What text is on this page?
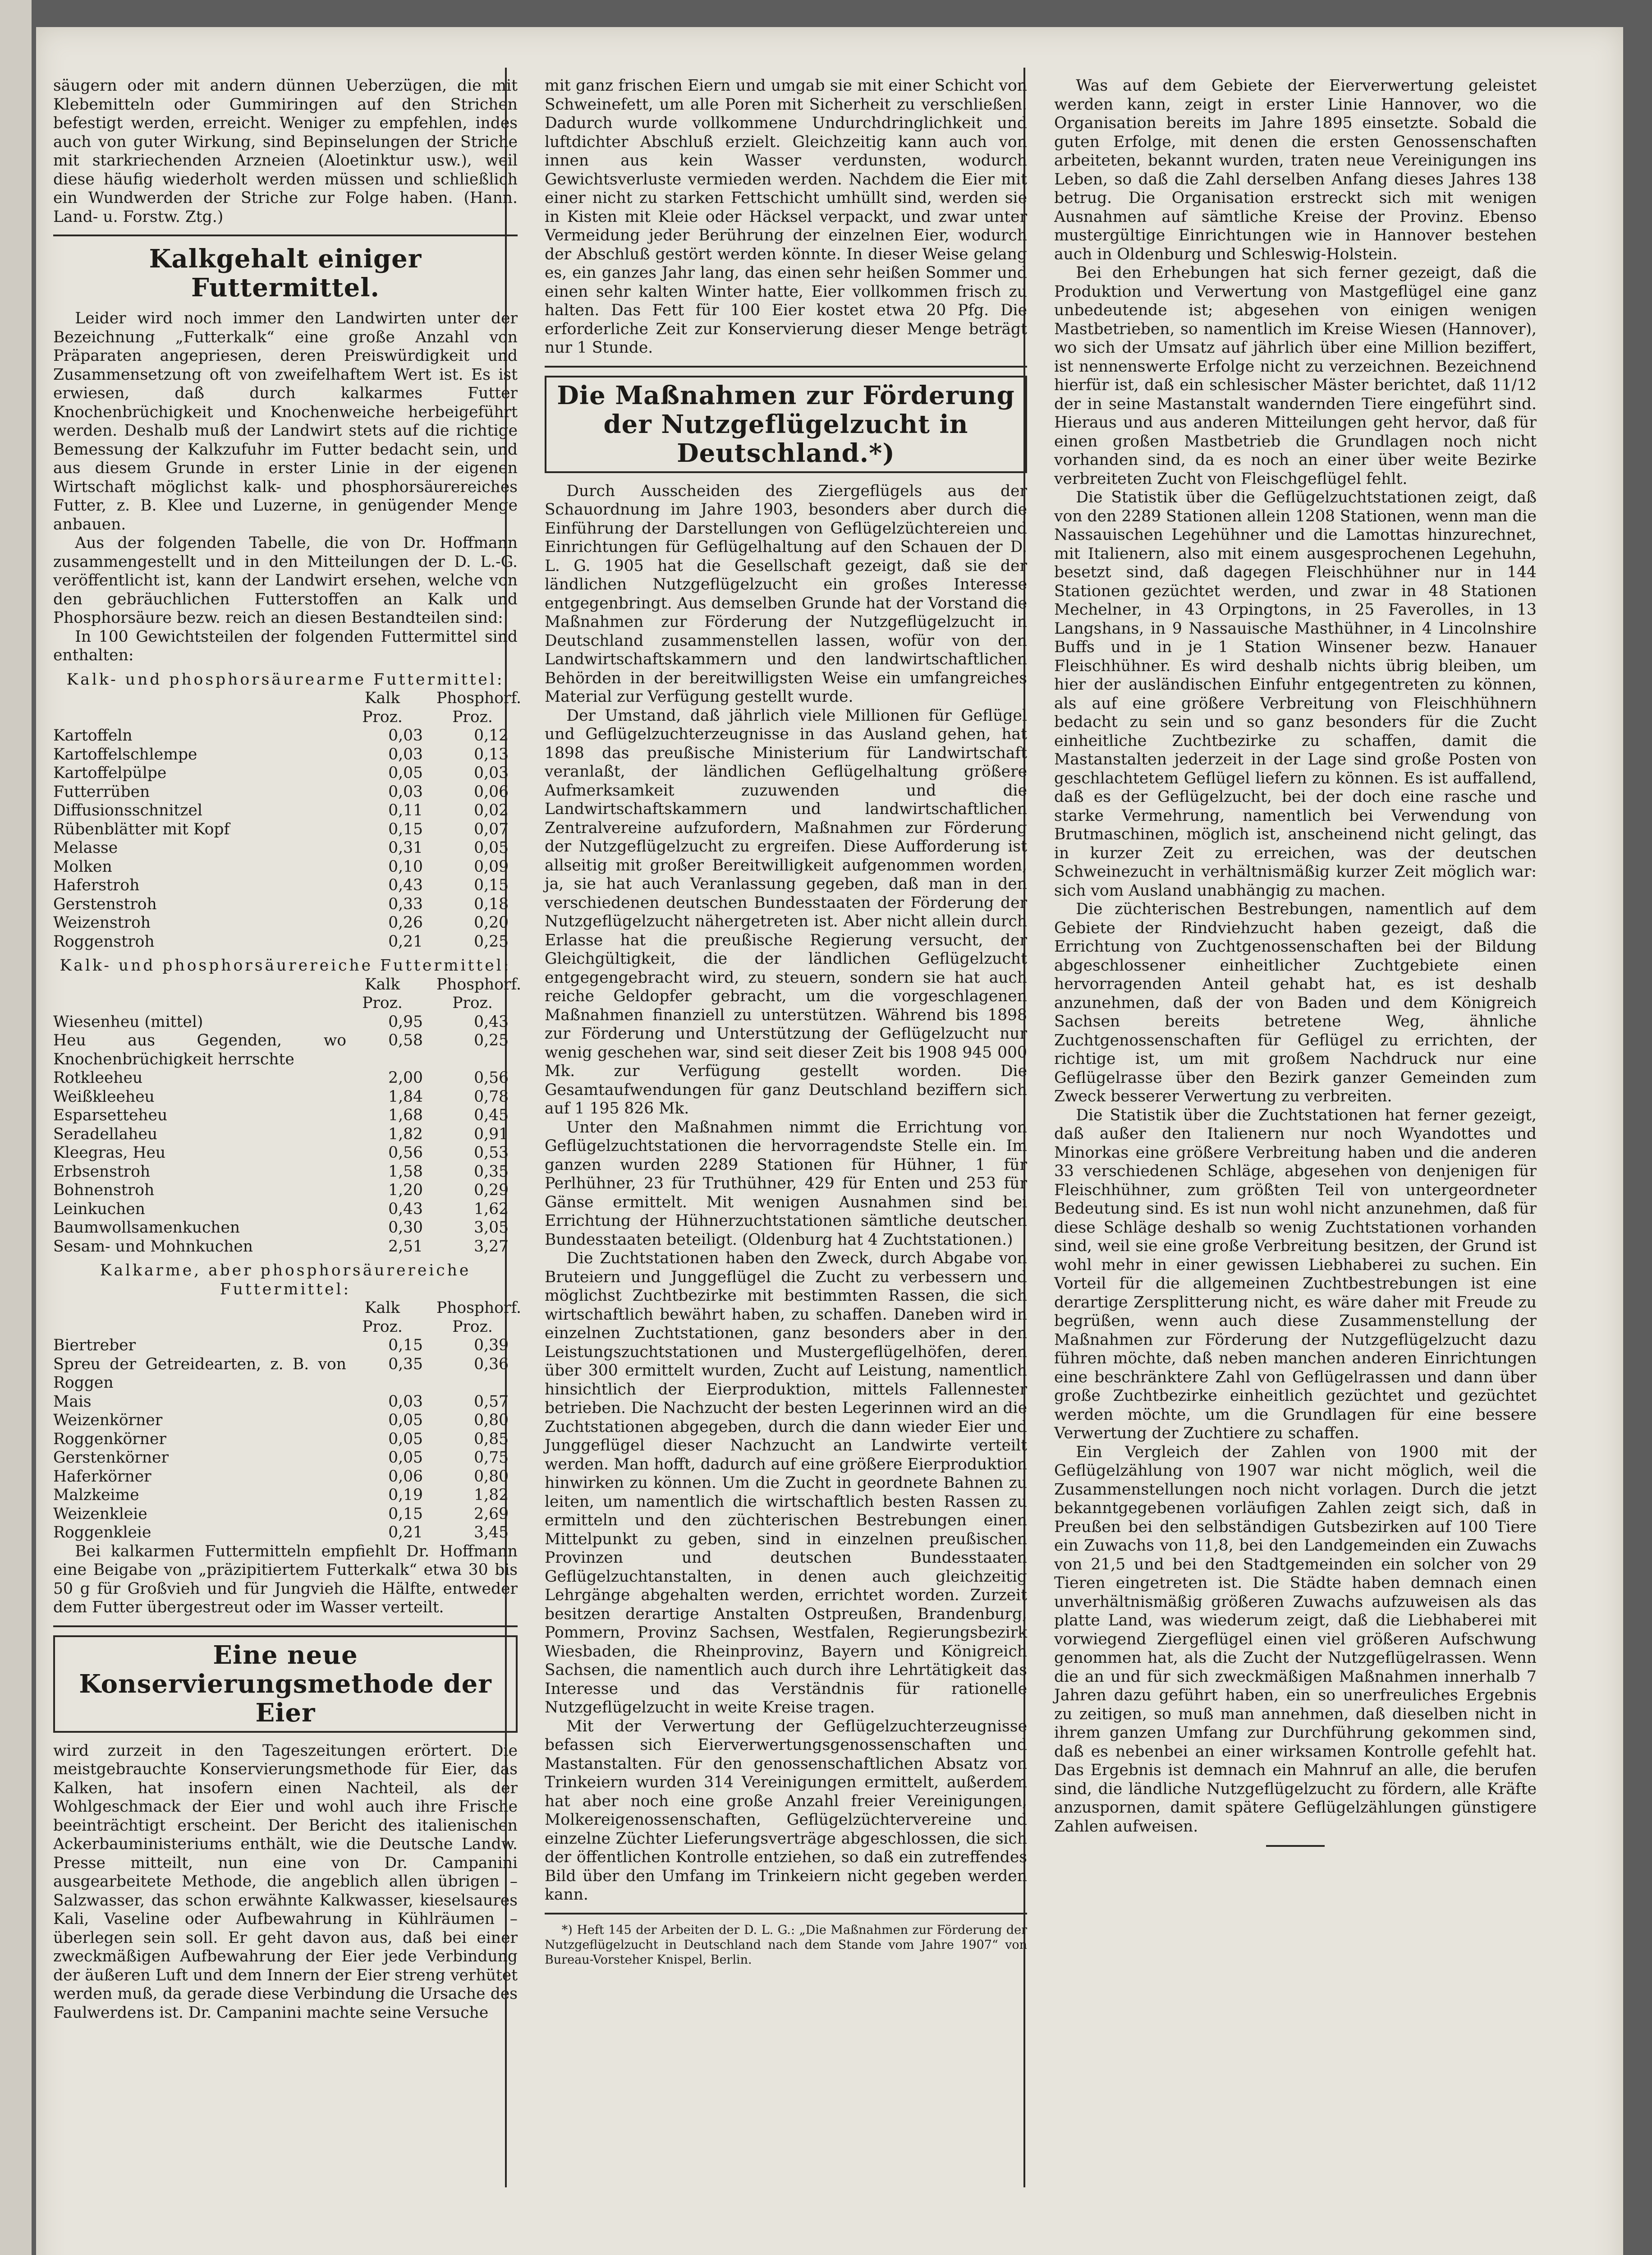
säugern oder mit andern dünnen Ueberzügen, die mit Klebemitteln oder Gummiringen auf den Strichen befestigt werden, erreicht. Weniger zu empfehlen, indes auch von guter Wirkung, sind Bepinselungen der Striche mit starkriechenden Arzneien (Aloetinktur usw.), weil diese häufig wiederholt werden müssen und schließlich ein Wundwerden der Striche zur Folge haben. (Hann. Land- u. Forstw. Ztg.)

Kalkgehalt einiger Futtermittel.

Leider wird noch immer den Landwirten unter der Bezeichnung „Futterkalk“ eine große Anzahl von Präparaten angepriesen, deren Preiswürdigkeit und Zusammensetzung oft von zweifelhaftem Wert ist. Es ist erwiesen, daß durch kalkarmes Futter Knochenbrüchigkeit und Knochenweiche herbeigeführt werden. Deshalb muß der Landwirt stets auf die richtige Bemessung der Kalkzufuhr im Futter bedacht sein, und aus diesem Grunde in erster Linie in der eigenen Wirtschaft möglichst kalk- und phosphorsäurereiches Futter, z. B. Klee und Luzerne, in genügender Menge anbauen.

Aus der folgenden Tabelle, die von Dr. Hoffmann zusammengestellt und in den Mitteilungen der D. L.-G. veröffentlicht ist, kann der Landwirt ersehen, welche von den gebräuchlichen Futterstoffen an Kalk und Phosphorsäure bezw. reich an diesen Bestandteilen sind:

In 100 Gewichtsteilen der folgenden Futtermittel sind enthalten:

Kalk- und phosphorsäurearme Futtermittel:
Kalk
Proz.
Phosphorf.
Proz.
Kartoffeln	0,03	0,12
Kartoffelschlempe	0,03	0,13
Kartoffelpülpe	0,05	0,03
Futterrüben	0,03	0,06
Diffusionsschnitzel	0,11	0,02
Rübenblätter mit Kopf	0,15	0,07
Melasse	0,31	0,05
Molken	0,10	0,09
Haferstroh	0,43	0,15
Gerstenstroh	0,33	0,18
Weizenstroh	0,26	0,20
Roggenstroh	0,21	0,25
Kalk- und phosphorsäurereiche Futtermittel:
Kalk
Proz.
Phosphorf.
Proz.
Wiesenheu (mittel)	0,95	0,43
Heu aus Gegenden, wo Knochenbrüchigkeit herrschte
0,58	0,25
Rotkleeheu	2,00	0,56
Weißkleeheu	1,84	0,78
Esparsetteheu	1,68	0,45
Seradellaheu	1,82	0,91
Kleegras, Heu	0,56	0,53
Erbsenstroh	1,58	0,35
Bohnenstroh	1,20	0,29
Leinkuchen	0,43	1,62
Baumwollsamenkuchen	0,30	3,05
Sesam- und Mohnkuchen	2,51	3,27
Kalkarme, aber phosphorsäurereiche Futtermittel:
Kalk
Proz.
Phosphorf.
Proz.
Biertreber	0,15	0,39
Spreu der Getreidearten, z. B. von Roggen
0,35	0,36
Mais	0,03	0,57
Weizenkörner	0,05	0,80
Roggenkörner	0,05	0,85
Gerstenkörner	0,05	0,75
Haferkörner	0,06	0,80
Malzkeime	0,19	1,82
Weizenkleie	0,15	2,69
Roggenkleie	0,21	3,45

Bei kalkarmen Futtermitteln empfiehlt Dr. Hoffmann eine Beigabe von „präzipitiertem Futterkalk“ etwa 30 bis 50 g für Großvieh und für Jungvieh die Hälfte, entweder dem Futter übergestreut oder im Wasser verteilt.

Eine neue Konservierungsmethode der Eier

wird zurzeit in den Tageszeitungen erörtert. Die meistgebrauchte Konservierungsmethode für Eier, das Kalken, hat insofern einen Nachteil, als der Wohlgeschmack der Eier und wohl auch ihre Frische beeinträchtigt erscheint. Der Bericht des italienischen Ackerbauministeriums enthält, wie die Deutsche Landw. Presse mitteilt, nun eine von Dr. Campanini ausgearbeitete Methode, die angeblich allen übrigen – Salzwasser, das schon erwähnte Kalkwasser, kieselsaures Kali, Vaseline oder Aufbewahrung in Kühlräumen – überlegen sein soll. Er geht davon aus, daß bei einer zweckmäßigen Aufbewahrung der Eier jede Verbindung der äußeren Luft und dem Innern der Eier streng verhütet werden muß, da gerade diese Verbindung die Ursache des Faulwerdens ist. Dr. Campanini machte seine Versuche

mit ganz frischen Eiern und umgab sie mit einer Schicht von Schweinefett, um alle Poren mit Sicherheit zu verschließen. Dadurch wurde vollkommene Undurchdringlichkeit und luftdichter Abschluß erzielt. Gleichzeitig kann auch von innen aus kein Wasser verdunsten, wodurch Gewichtsverluste vermieden werden. Nachdem die Eier mit einer nicht zu starken Fettschicht umhüllt sind, werden sie in Kisten mit Kleie oder Häcksel verpackt, und zwar unter Vermeidung jeder Berührung der einzelnen Eier, wodurch der Abschluß gestört werden könnte. In dieser Weise gelang es, ein ganzes Jahr lang, das einen sehr heißen Sommer und einen sehr kalten Winter hatte, Eier vollkommen frisch zu halten. Das Fett für 100 Eier kostet etwa 20 Pfg. Die erforderliche Zeit zur Konservierung dieser Menge beträgt nur 1 Stunde.

Die Maßnahmen zur Förderung der Nutzgeflügelzucht in Deutschland.*)

Durch Ausscheiden des Ziergeflügels aus der Schauordnung im Jahre 1903, besonders aber durch die Einführung der Darstellungen von Geflügelzüchtereien und Einrichtungen für Geflügelhaltung auf den Schauen der D. L. G. 1905 hat die Gesellschaft gezeigt, daß sie der ländlichen Nutzgeflügelzucht ein großes Interesse entgegenbringt. Aus demselben Grunde hat der Vorstand die Maßnahmen zur Förderung der Nutzgeflügelzucht in Deutschland zusammenstellen lassen, wofür von den Landwirtschaftskammern und den landwirtschaftlichen Behörden in der bereitwilligsten Weise ein umfangreiches Material zur Verfügung gestellt wurde.

Der Umstand, daß jährlich viele Millionen für Geflügel und Geflügelzuchterzeugnisse in das Ausland gehen, hat 1898 das preußische Ministerium für Landwirtschaft veranlaßt, der ländlichen Geflügelhaltung größere Aufmerksamkeit zuzuwenden und die Landwirtschaftskammern und landwirtschaftlichen Zentralvereine aufzufordern, Maßnahmen zur Förderung der Nutzgeflügelzucht zu ergreifen. Diese Aufforderung ist allseitig mit großer Bereitwilligkeit aufgenommen worden, ja, sie hat auch Veranlassung gegeben, daß man in den verschiedenen deutschen Bundesstaaten der Förderung der Nutzgeflügelzucht nähergetreten ist. Aber nicht allein durch Erlasse hat die preußische Regierung versucht, der Gleichgültigkeit, die der ländlichen Geflügelzucht entgegengebracht wird, zu steuern, sondern sie hat auch reiche Geldopfer gebracht, um die vorgeschlagenen Maßnahmen finanziell zu unterstützen. Während bis 1898 zur Förderung und Unterstützung der Geflügelzucht nur wenig geschehen war, sind seit dieser Zeit bis 1908 945 000 Mk. zur Verfügung gestellt worden. Die Gesamtaufwendungen für ganz Deutschland beziffern sich auf 1 195 826 Mk.

Unter den Maßnahmen nimmt die Errichtung von Geflügelzuchtstationen die hervorragendste Stelle ein. Im ganzen wurden 2289 Stationen für Hühner, 1 für Perlhühner, 23 für Truthühner, 429 für Enten und 253 für Gänse ermittelt. Mit wenigen Ausnahmen sind bei Errichtung der Hühnerzuchtstationen sämtliche deutschen Bundesstaaten beteiligt. (Oldenburg hat 4 Zuchtstationen.)

Die Zuchtstationen haben den Zweck, durch Abgabe von Bruteiern und Junggeflügel die Zucht zu verbessern und möglichst Zuchtbezirke mit bestimmten Rassen, die sich wirtschaftlich bewährt haben, zu schaffen. Daneben wird in einzelnen Zuchtstationen, ganz besonders aber in den Leistungszuchtstationen und Mustergeflügelhöfen, deren über 300 ermittelt wurden, Zucht auf Leistung, namentlich hinsichtlich der Eierproduktion, mittels Fallennester betrieben. Die Nachzucht der besten Legerinnen wird an die Zuchtstationen abgegeben, durch die dann wieder Eier und Junggeflügel dieser Nachzucht an Landwirte verteilt werden. Man hofft, dadurch auf eine größere Eierproduktion hinwirken zu können. Um die Zucht in geordnete Bahnen zu leiten, um namentlich die wirtschaftlich besten Rassen zu ermitteln und den züchterischen Bestrebungen einen Mittelpunkt zu geben, sind in einzelnen preußischen Provinzen und deutschen Bundesstaaten Geflügelzuchtanstalten, in denen auch gleichzeitig Lehrgänge abgehalten werden, errichtet worden. Zurzeit besitzen derartige Anstalten Ostpreußen, Brandenburg, Pommern, Provinz Sachsen, Westfalen, Regierungsbezirk Wiesbaden, die Rheinprovinz, Bayern und Königreich Sachsen, die namentlich auch durch ihre Lehrtätigkeit das Interesse und das Verständnis für rationelle Nutzgeflügelzucht in weite Kreise tragen.

Mit der Verwertung der Geflügelzuchterzeugnisse befassen sich Eierverwertungsgenossenschaften und Mastanstalten. Für den genossenschaftlichen Absatz von Trinkeiern wurden 314 Vereinigungen ermittelt, außerdem hat aber noch eine große Anzahl freier Vereinigungen, Molkereigenossenschaften, Geflügelzüchtervereine und einzelne Züchter Lieferungsverträge abgeschlossen, die sich der öffentlichen Kontrolle entziehen, so daß ein zutreffendes Bild über den Umfang im Trinkeiern nicht gegeben werden kann.

*) Heft 145 der Arbeiten der D. L. G.: „Die Maßnahmen zur Förderung der Nutzgeflügelzucht in Deutschland nach dem Stande vom Jahre 1907“ von Bureau-Vorsteher Knispel, Berlin.

Was auf dem Gebiete der Eierverwertung geleistet werden kann, zeigt in erster Linie Hannover, wo die Organisation bereits im Jahre 1895 einsetzte. Sobald die guten Erfolge, mit denen die ersten Genossenschaften arbeiteten, bekannt wurden, traten neue Vereinigungen ins Leben, so daß die Zahl derselben Anfang dieses Jahres 138 betrug. Die Organisation erstreckt sich mit wenigen Ausnahmen auf sämtliche Kreise der Provinz. Ebenso mustergültige Einrichtungen wie in Hannover bestehen auch in Oldenburg und Schleswig-Holstein.

Bei den Erhebungen hat sich ferner gezeigt, daß die Produktion und Verwertung von Mastgeflügel eine ganz unbedeutende ist; abgesehen von einigen wenigen Mastbetrieben, so namentlich im Kreise Wiesen (Hannover), wo sich der Umsatz auf jährlich über eine Million beziffert, ist nennenswerte Erfolge nicht zu verzeichnen. Bezeichnend hierfür ist, daß ein schlesischer Mäster berichtet, daß 11/12 der in seine Mastanstalt wandernden Tiere eingeführt sind. Hieraus und aus anderen Mitteilungen geht hervor, daß für einen großen Mastbetrieb die Grundlagen noch nicht vorhanden sind, da es noch an einer über weite Bezirke verbreiteten Zucht von Fleischgeflügel fehlt.

Die Statistik über die Geflügelzuchtstationen zeigt, daß von den 2289 Stationen allein 1208 Stationen, wenn man die Nassauischen Legehühner und die Lamottas hinzurechnet, mit Italienern, also mit einem ausgesprochenen Legehuhn, besetzt sind, daß dagegen Fleischhühner nur in 144 Stationen gezüchtet werden, und zwar in 48 Stationen Mechelner, in 43 Orpingtons, in 25 Faverolles, in 13 Langshans, in 9 Nassauische Masthühner, in 4 Lincolnshire Buffs und in je 1 Station Winsener bezw. Hanauer Fleischhühner. Es wird deshalb nichts übrig bleiben, um hier der ausländischen Einfuhr entgegentreten zu können, als auf eine größere Verbreitung von Fleischhühnern bedacht zu sein und so ganz besonders für die Zucht einheitliche Zuchtbezirke zu schaffen, damit die Mastanstalten jederzeit in der Lage sind große Posten von geschlachtetem Geflügel liefern zu können. Es ist auffallend, daß es der Geflügelzucht, bei der doch eine rasche und starke Vermehrung, namentlich bei Verwendung von Brutmaschinen, möglich ist, anscheinend nicht gelingt, das in kurzer Zeit zu erreichen, was der deutschen Schweinezucht in verhältnismäßig kurzer Zeit möglich war: sich vom Ausland unabhängig zu machen.

Die züchterischen Bestrebungen, namentlich auf dem Gebiete der Rindviehzucht haben gezeigt, daß die Errichtung von Zuchtgenossenschaften bei der Bildung abgeschlossener einheitlicher Zuchtgebiete einen hervorragenden Anteil gehabt hat, es ist deshalb anzunehmen, daß der von Baden und dem Königreich Sachsen bereits betretene Weg, ähnliche Zuchtgenossenschaften für Geflügel zu errichten, der richtige ist, um mit großem Nachdruck nur eine Geflügelrasse über den Bezirk ganzer Gemeinden zum Zweck besserer Verwertung zu verbreiten.

Die Statistik über die Zuchtstationen hat ferner gezeigt, daß außer den Italienern nur noch Wyandottes und Minorkas eine größere Verbreitung haben und die anderen 33 verschiedenen Schläge, abgesehen von denjenigen für Fleischhühner, zum größten Teil von untergeordneter Bedeutung sind. Es ist nun wohl nicht anzunehmen, daß für diese Schläge deshalb so wenig Zuchtstationen vorhanden sind, weil sie eine große Verbreitung besitzen, der Grund ist wohl mehr in einer gewissen Liebhaberei zu suchen. Ein Vorteil für die allgemeinen Zuchtbestrebungen ist eine derartige Zersplitterung nicht, es wäre daher mit Freude zu begrüßen, wenn auch diese Zusammenstellung der Maßnahmen zur Förderung der Nutzgeflügelzucht dazu führen möchte, daß neben manchen anderen Einrichtungen eine beschränktere Zahl von Geflügelrassen und dann über große Zuchtbezirke einheitlich gezüchtet und gezüchtet werden möchte, um die Grundlagen für eine bessere Verwertung der Zuchtiere zu schaffen.

Ein Vergleich der Zahlen von 1900 mit der Geflügelzählung von 1907 war nicht möglich, weil die Zusammenstellungen noch nicht vorlagen. Durch die jetzt bekanntgegebenen vorläufigen Zahlen zeigt sich, daß in Preußen bei den selbständigen Gutsbezirken auf 100 Tiere ein Zuwachs von 11,8, bei den Landgemeinden ein Zuwachs von 21,5 und bei den Stadtgemeinden ein solcher von 29 Tieren eingetreten ist. Die Städte haben demnach einen unverhältnismäßig größeren Zuwachs aufzuweisen als das platte Land, was wiederum zeigt, daß die Liebhaberei mit vorwiegend Ziergeflügel einen viel größeren Aufschwung genommen hat, als die Zucht der Nutzgeflügelrassen. Wenn die an und für sich zweckmäßigen Maßnahmen innerhalb 7 Jahren dazu geführt haben, ein so unerfreuliches Ergebnis zu zeitigen, so muß man annehmen, daß dieselben nicht in ihrem ganzen Umfang zur Durchführung gekommen sind, daß es nebenbei an einer wirksamen Kontrolle gefehlt hat. Das Ergebnis ist demnach ein Mahnruf an alle, die berufen sind, die ländliche Nutzgeflügelzucht zu fördern, alle Kräfte anzuspornen, damit spätere Geflügelzählungen günstigere Zahlen aufweisen.
